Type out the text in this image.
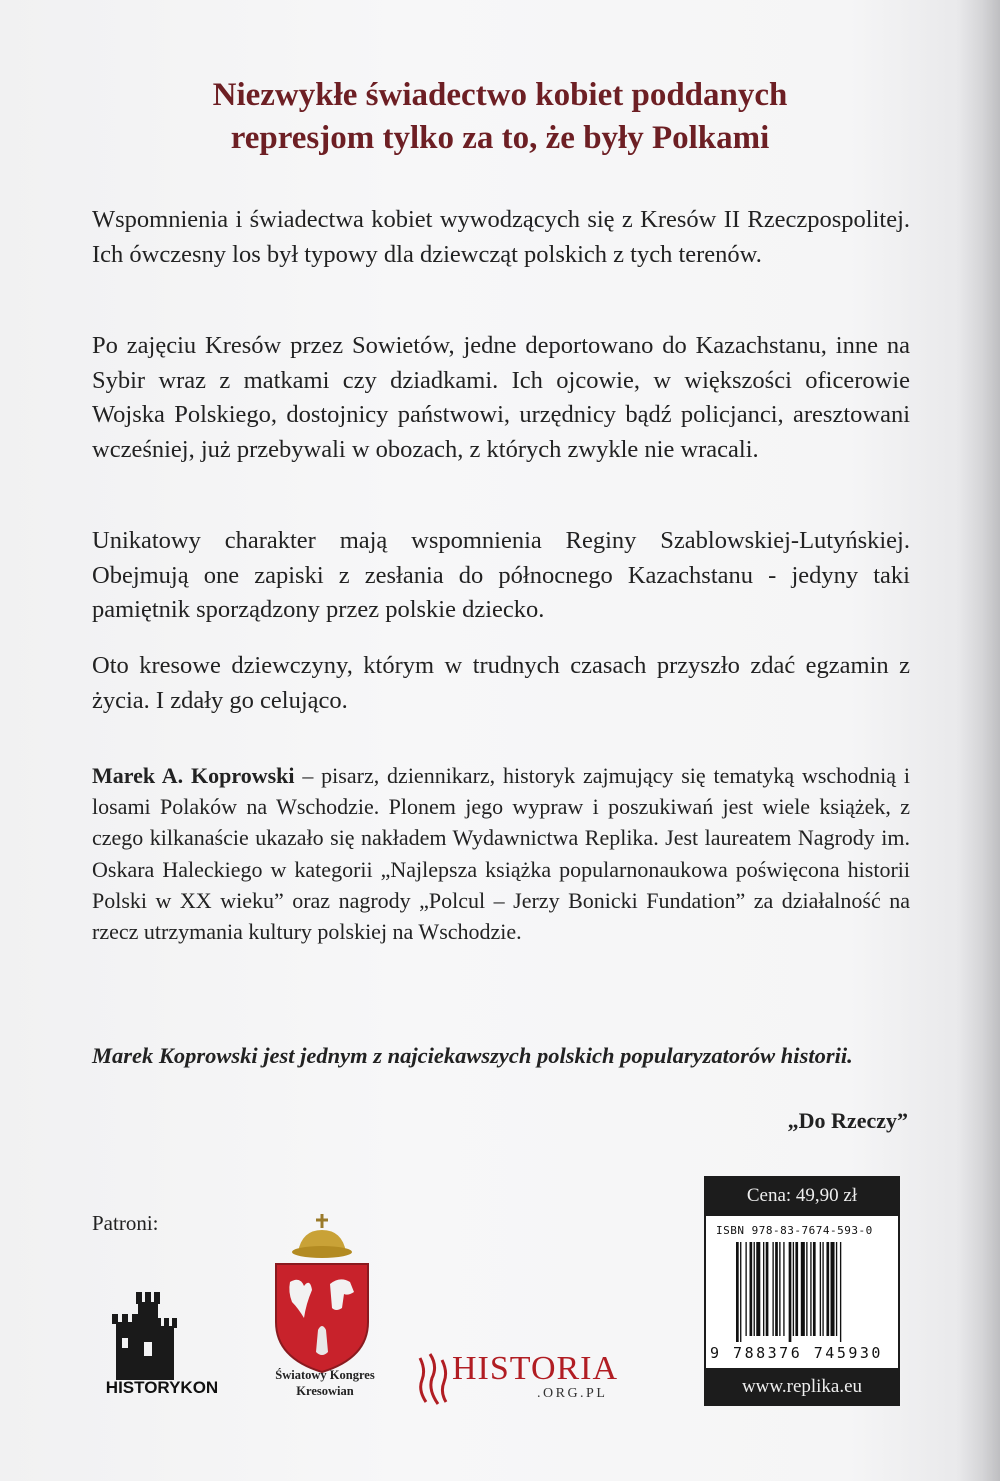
Niezwykłe świadectwo kobiet poddanych
represjom tylko za to, że były Polkami

Wspomnienia i świadectwa kobiet wywodzących się z Kresów II Rzeczpospolitej. Ich ówczesny los był typowy dla dziewcząt polskich z tych terenów.

Po zajęciu Kresów przez Sowietów, jedne deportowano do Kazachstanu, inne na Sybir wraz z matkami czy dziadkami. Ich ojcowie, w większości oficerowie Wojska Polskiego, dostojnicy państwowi, urzędnicy bądź policjanci, aresztowani wcześniej, już przebywali w obozach, z których zwykle nie wracali.

Unikatowy charakter mają wspomnienia Reginy Szablowskiej-Lutyńskiej. Obejmują one zapiski z zesłania do północnego Kazachstanu - jedyny taki pamiętnik sporządzony przez polskie dziecko.

Oto kresowe dziewczyny, którym w trudnych czasach przyszło zdać egzamin z życia. I zdały go celująco.

Marek A. Koprowski – pisarz, dziennikarz, historyk zajmujący się tematyką wschodnią i losami Polaków na Wschodzie. Plonem jego wypraw i poszukiwań jest wiele książek, z czego kilkanaście ukazało się nakładem Wydawnictwa Replika. Jest laureatem Nagrody im. Oskara Haleckiego w kategorii „Najlepsza książka popularnonaukowa poświęcona historii Polski w XX wieku” oraz nagrody „Polcul – Jerzy Bonicki Fundation” za działalność na rzecz utrzymania kultury polskiej na Wschodzie.
Marek Koprowski jest jednym z najciekawszych polskich popularyzatorów historii.
„Do Rzeczy”
Patroni:
HISTORYKON
Światowy Kongres
Kresowian
HISTORIA
.ORG.PL
Cena: 49,90 zł
ISBN 978-83-7674-593-0
9 788376 745930
www.replika.eu
